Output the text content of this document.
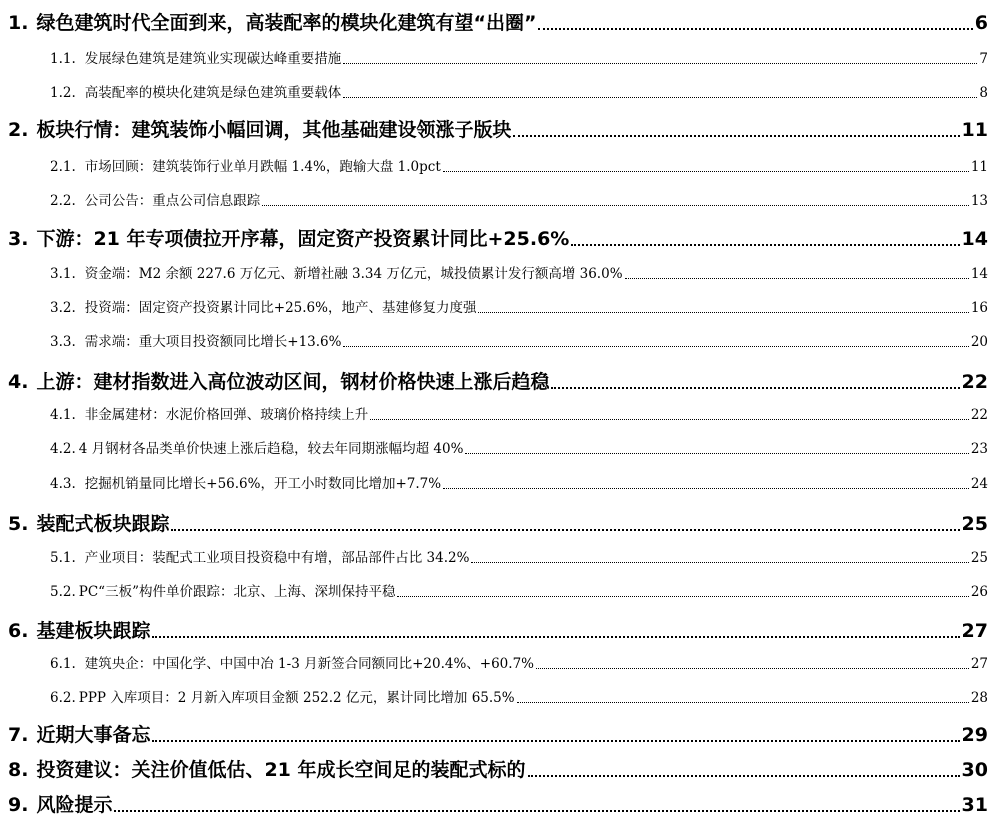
1. 绿色建筑时代全面到来，高装配率的模块化建筑有望“出圈”	6
1.1. 发展绿色建筑是建筑业实现碳达峰重要措施	7
1.2. 高装配率的模块化建筑是绿色建筑重要载体	8
2. 板块行情：建筑装饰小幅回调，其他基础建设领涨子版块	11
2.1. 市场回顾：建筑装饰行业单月跌幅 1.4%，跑输大盘 1.0pct	11
2.2. 公司公告：重点公司信息跟踪	13
3. 下游：21 年专项债拉开序幕，固定资产投资累计同比+25.6%	14
3.1. 资金端：M2 余额 227.6 万亿元、新增社融 3.34 万亿元，城投债累计发行额高增 36.0%	14
3.2. 投资端：固定资产投资累计同比+25.6%，地产、基建修复力度强	16
3.3. 需求端：重大项目投资额同比增长+13.6%	20
4. 上游：建材指数进入高位波动区间，钢材价格快速上涨后趋稳	22
4.1. 非金属建材：水泥价格回弹、玻璃价格持续上升	22
4.2. 4 月钢材各品类单价快速上涨后趋稳，较去年同期涨幅均超 40%	23
4.3. 挖掘机销量同比增长+56.6%，开工小时数同比增加+7.7%	24
5. 装配式板块跟踪	25
5.1. 产业项目：装配式工业项目投资稳中有增，部品部件占比 34.2%	25
5.2. PC“三板”构件单价跟踪：北京、上海、深圳保持平稳	26
6. 基建板块跟踪	27
6.1. 建筑央企：中国化学、中国中冶 1-3 月新签合同额同比+20.4%、+60.7%	27
6.2. PPP 入库项目：2 月新入库项目金额 252.2 亿元，累计同比增加 65.5%	28
7. 近期大事备忘	29
8. 投资建议：关注价值低估、21 年成长空间足的装配式标的	30
9. 风险提示	31
